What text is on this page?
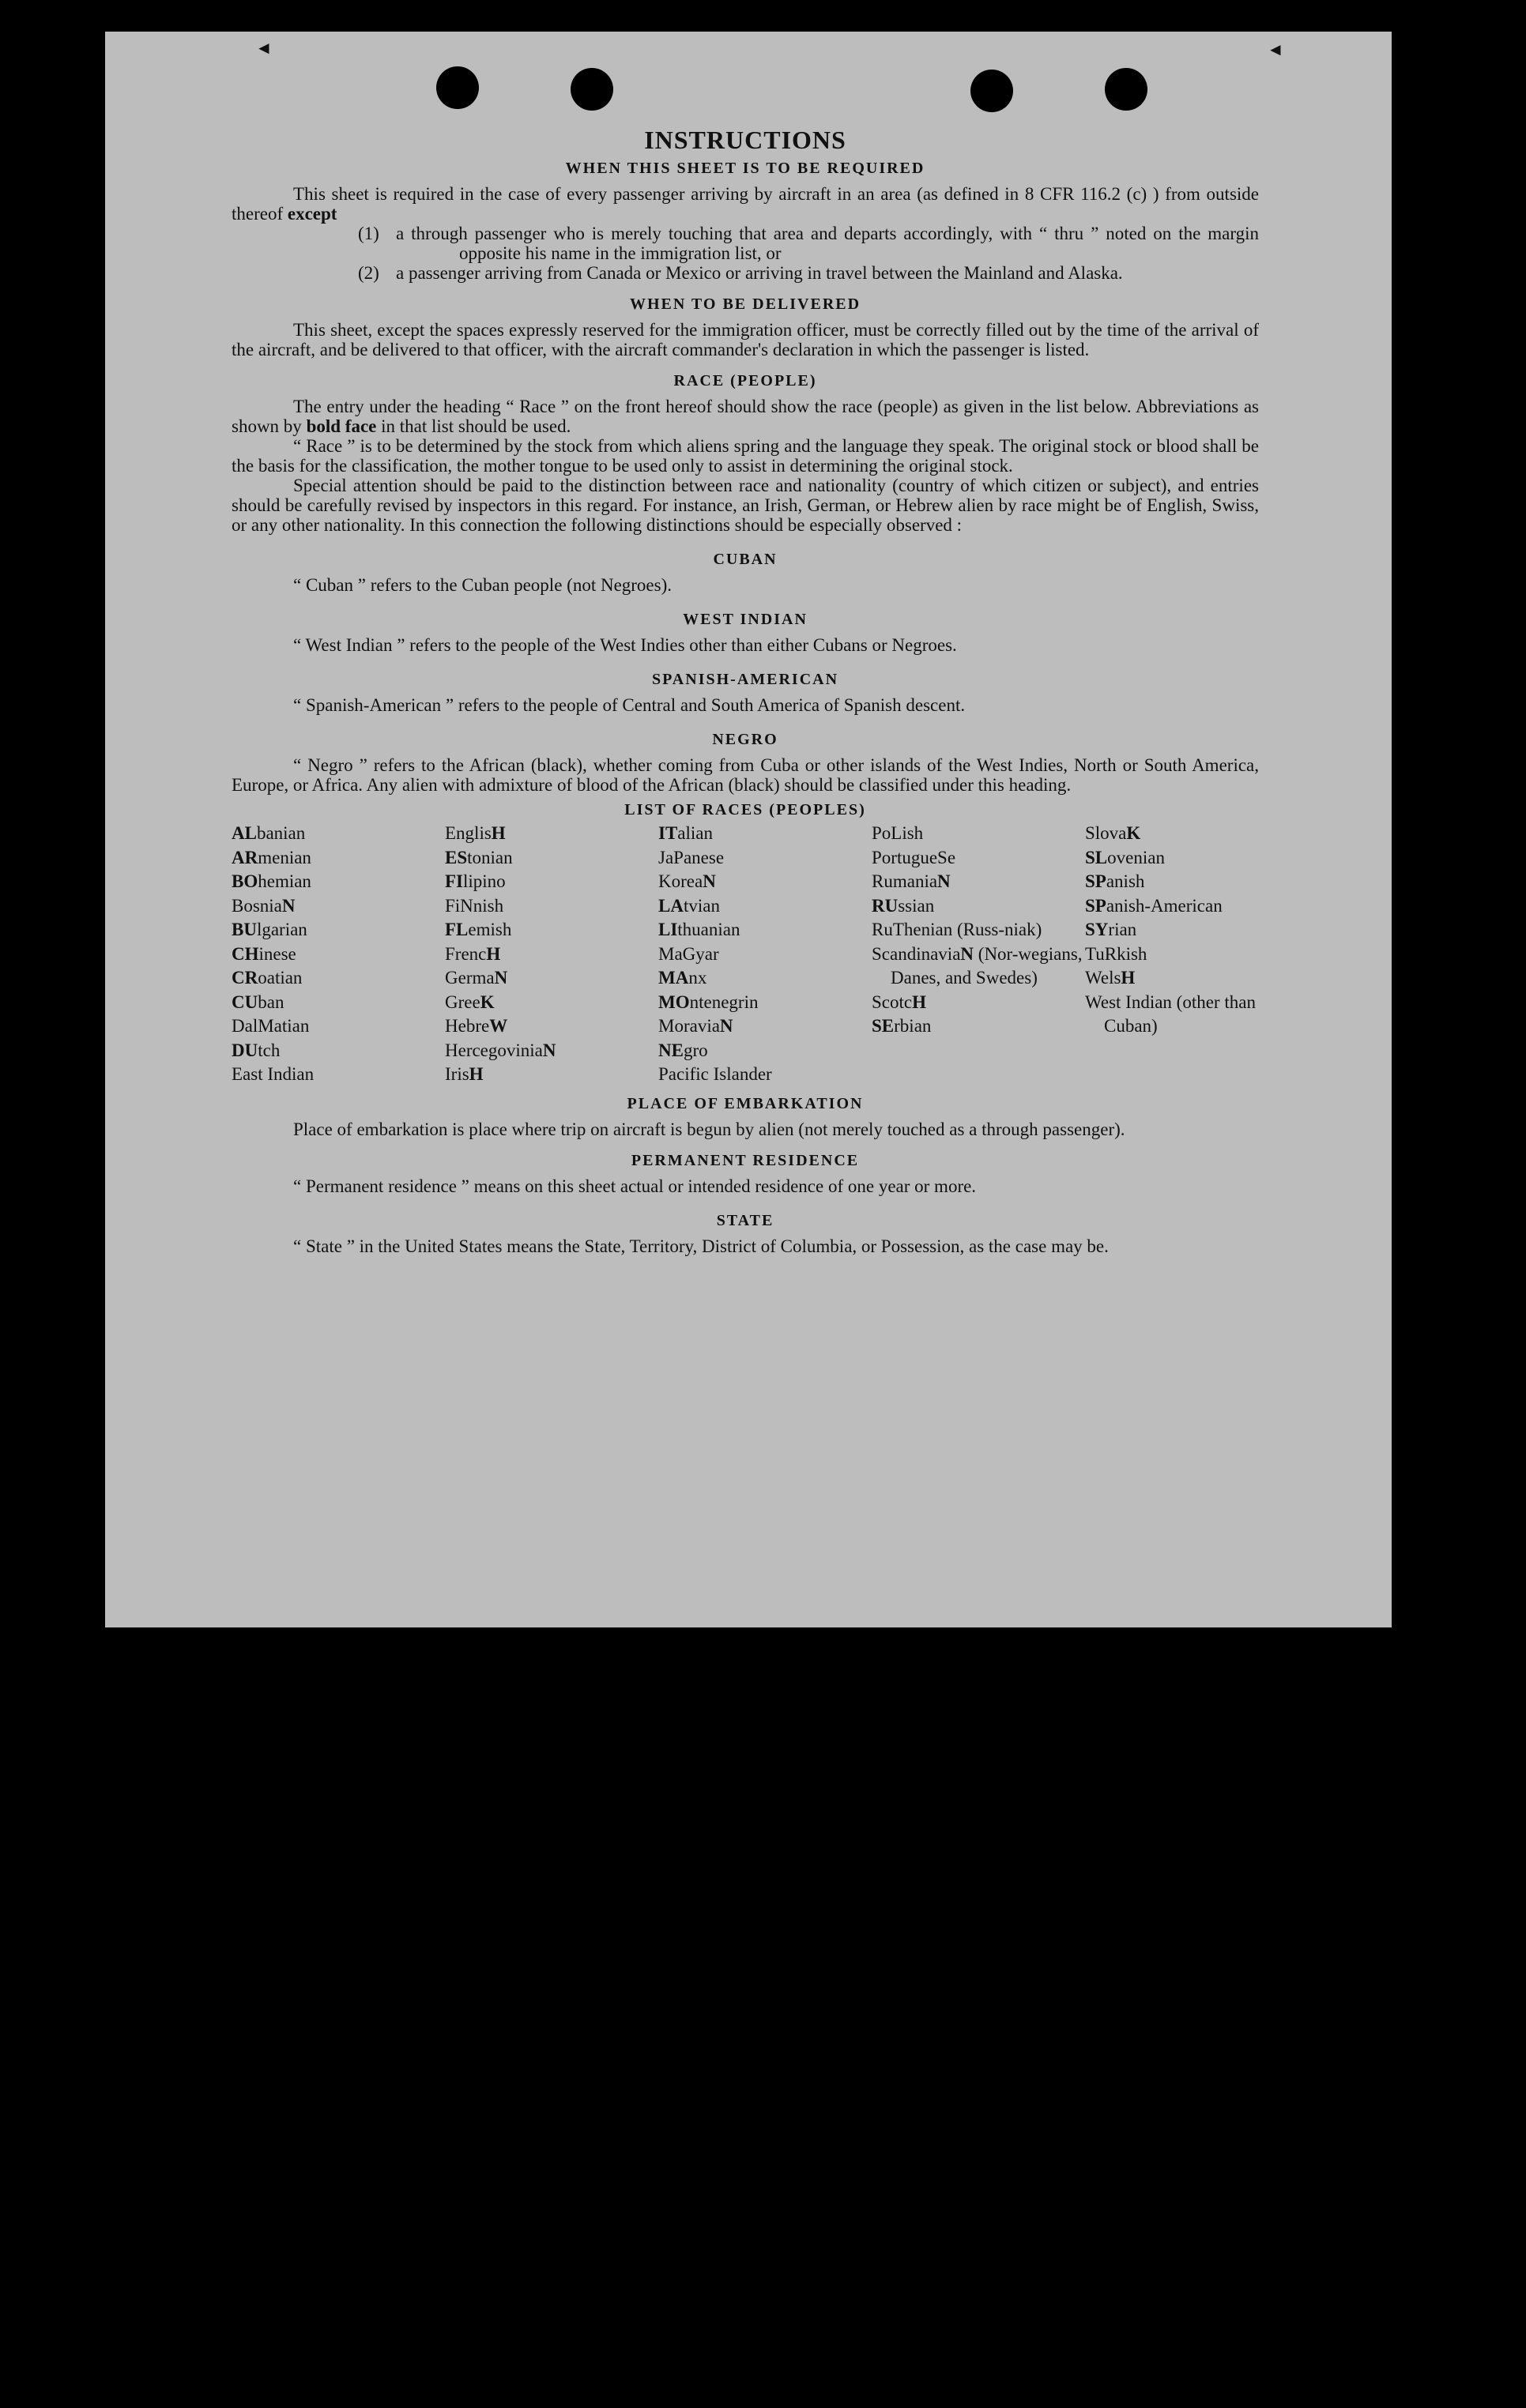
◄	◄
INSTRUCTIONS
WHEN THIS SHEET IS TO BE REQUIRED

This sheet is required in the case of every passenger arriving by aircraft in an area (as defined in 8 CFR 116.2 (c) ) from outside thereof except

(1) a through passenger who is merely touching that area and departs accordingly, with “ thru ” noted on the margin opposite his name in the immigration list, or
(2) a passenger arriving from Canada or Mexico or arriving in travel between the Mainland and Alaska.
WHEN TO BE DELIVERED

This sheet, except the spaces expressly reserved for the immigration officer, must be correctly filled out by the time of the arrival of the aircraft, and be delivered to that officer, with the aircraft commander's declaration in which the passenger is listed.

RACE (PEOPLE)

The entry under the heading “ Race ” on the front hereof should show the race (people) as given in the list below. Abbreviations as shown by bold face in that list should be used.

“ Race ” is to be determined by the stock from which aliens spring and the language they speak. The original stock or blood shall be the basis for the classification, the mother tongue to be used only to assist in determining the original stock.

Special attention should be paid to the distinction between race and nationality (country of which citizen or subject), and entries should be carefully revised by inspectors in this regard. For instance, an Irish, German, or Hebrew alien by race might be of English, Swiss, or any other nationality. In this connection the following distinctions should be especially observed :

CUBAN

“ Cuban ” refers to the Cuban people (not Negroes).

WEST INDIAN

“ West Indian ” refers to the people of the West Indies other than either Cubans or Negroes.

SPANISH-AMERICAN

“ Spanish-American ” refers to the people of Central and South America of Spanish descent.

NEGRO

“ Negro ” refers to the African (black), whether coming from Cuba or other islands of the West Indies, North or South America, Europe, or Africa. Any alien with admixture of blood of the African (black) should be classified under this heading.

LIST OF RACES (PEOPLES)
ALbanian
ARmenian
BOhemian
BosniaN
BUlgarian
CHinese
CRoatian
CUban
DalMatian
DUtch
East Indian
EnglisH
EStonian
FIlipino
FiNnish
FLemish
FrencH
GermaN
GreeK
HebreW
HercegoviniaN
IrisH
ITalian
JaPanese
KoreaN
LAtvian
LIthuanian
MaGyar
MAnx
MOntenegrin
MoraviaN
NEgro
Pacific Islander
PoLish
PortugueSe
RumaniaN
RUssian
RuThenian (Russ-niak)
ScandinaviaN (Nor-wegians, Danes, and Swedes)
ScotcH
SErbian
SlovaK
SLovenian
SPanish
SPanish-American
SYrian
TuRkish
WelsH
West Indian (other than Cuban)
PLACE OF EMBARKATION

Place of embarkation is place where trip on aircraft is begun by alien (not merely touched as a through passenger).

PERMANENT RESIDENCE

“ Permanent residence ” means on this sheet actual or intended residence of one year or more.

STATE

“ State ” in the United States means the State, Territory, District of Columbia, or Possession, as the case may be.
